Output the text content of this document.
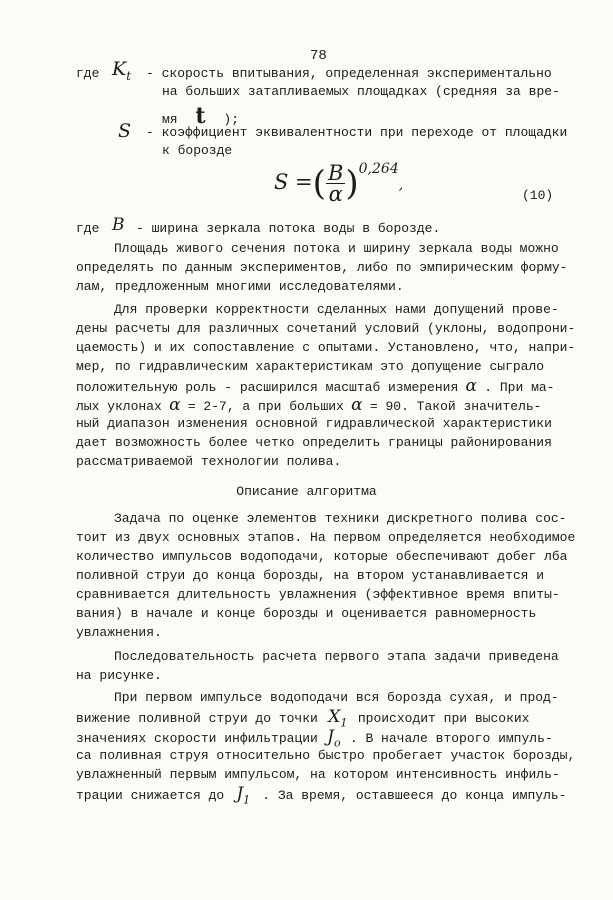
78
где $K_t$ - скорость впитывания, определенная экспериментально
на больших затапливаемых площадках (средняя за вре-
мя t );
S - коэффициент эквивалентности при переходе от площадки
к борозде
S =( $\frac{B}{\alpha} )^{0,264}$,
(10)
где B - ширина зеркала потока воды в борозде.
Площадь живого сечения потока и ширину зеркала воды можно
определять по данным экспериментов, либо по эмпирическим форму-
лам, предложенным многими исследователями.
Для проверки корректности сделанных нами допущений прове-
дены расчеты для различных сочетаний условий (уклоны, водопрони-
цаемость) и их сопоставление с опытами. Установлено, что, напри-
мер, по гидравлическим характеристикам это допущение сыграло
положительную роль - расширился масштаб измерения α . При ма-
лых уклонах α = 2-7, а при больших α = 90. Такой значитель-
ный диапазон изменения основной гидравлической характеристики
дает возможность более четко определить границы районирования
рассматриваемой технологии полива.
Описание алгоритма
Задача по оценке элементов техники дискретного полива сос-
тоит из двух основных этапов. На первом определяется необходимое
количество импульсов водоподачи, которые обеспечивают добег лба
поливной струи до конца борозды, на втором устанавливается и
сравнивается длительность увлажнения (эффективное время впиты-
вания) в начале и конце борозды и оценивается равномерность
увлажнения.
Последовательность расчета первого этапа задачи приведена
на рисунке.
При первом импульсе водоподачи вся борозда сухая, и прод-
вижение поливной струи до точки $X_1$ происходит при высоких
значениях скорости инфильтрации $J_o$ . В начале второго импуль-
са поливная струя относительно быстро пробегает участок борозды,
увлажненный первым импульсом, на котором интенсивность инфиль-
трации снижается до $J_1$ . За время, оставшееся до конца импуль-
